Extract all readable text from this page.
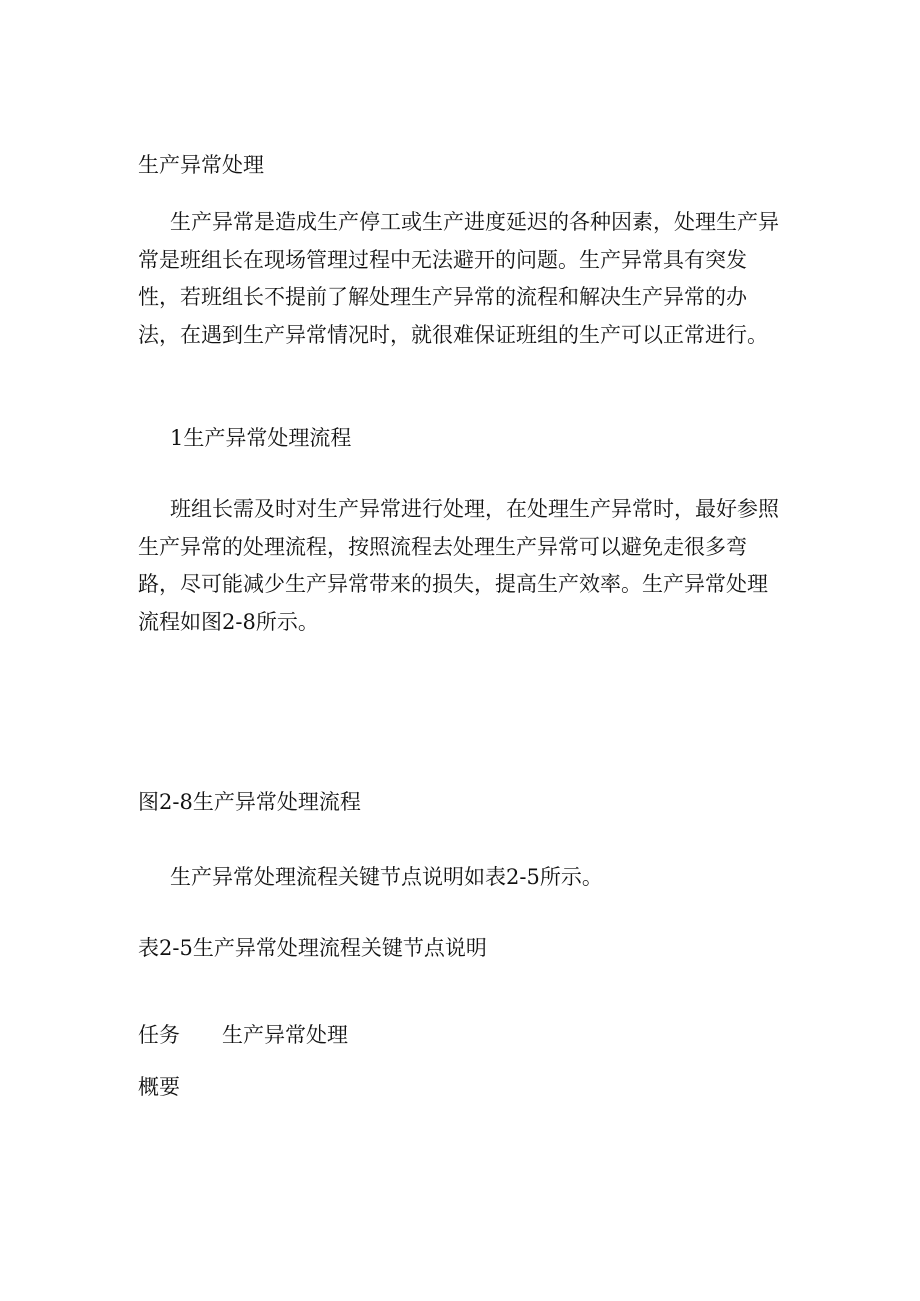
生产异常处理

生产异常是造成生产停工或生产进度延迟的各种因素，处理生产异常是班组长在现场管理过程中无法避开的问题。生产异常具有突发性，若班组长不提前了解处理生产异常的流程和解决生产异常的办法，在遇到生产异常情况时，就很难保证班组的生产可以正常进行。

1生产异常处理流程

班组长需及时对生产异常进行处理，在处理生产异常时，最好参照生产异常的处理流程，按照流程去处理生产异常可以避免走很多弯路，尽可能减少生产异常带来的损失，提高生产效率。生产异常处理流程如图2-8所示。

图2-8生产异常处理流程

生产异常处理流程关键节点说明如表2-5所示。

表2-5生产异常处理流程关键节点说明

任务 生产异常处理

概要
